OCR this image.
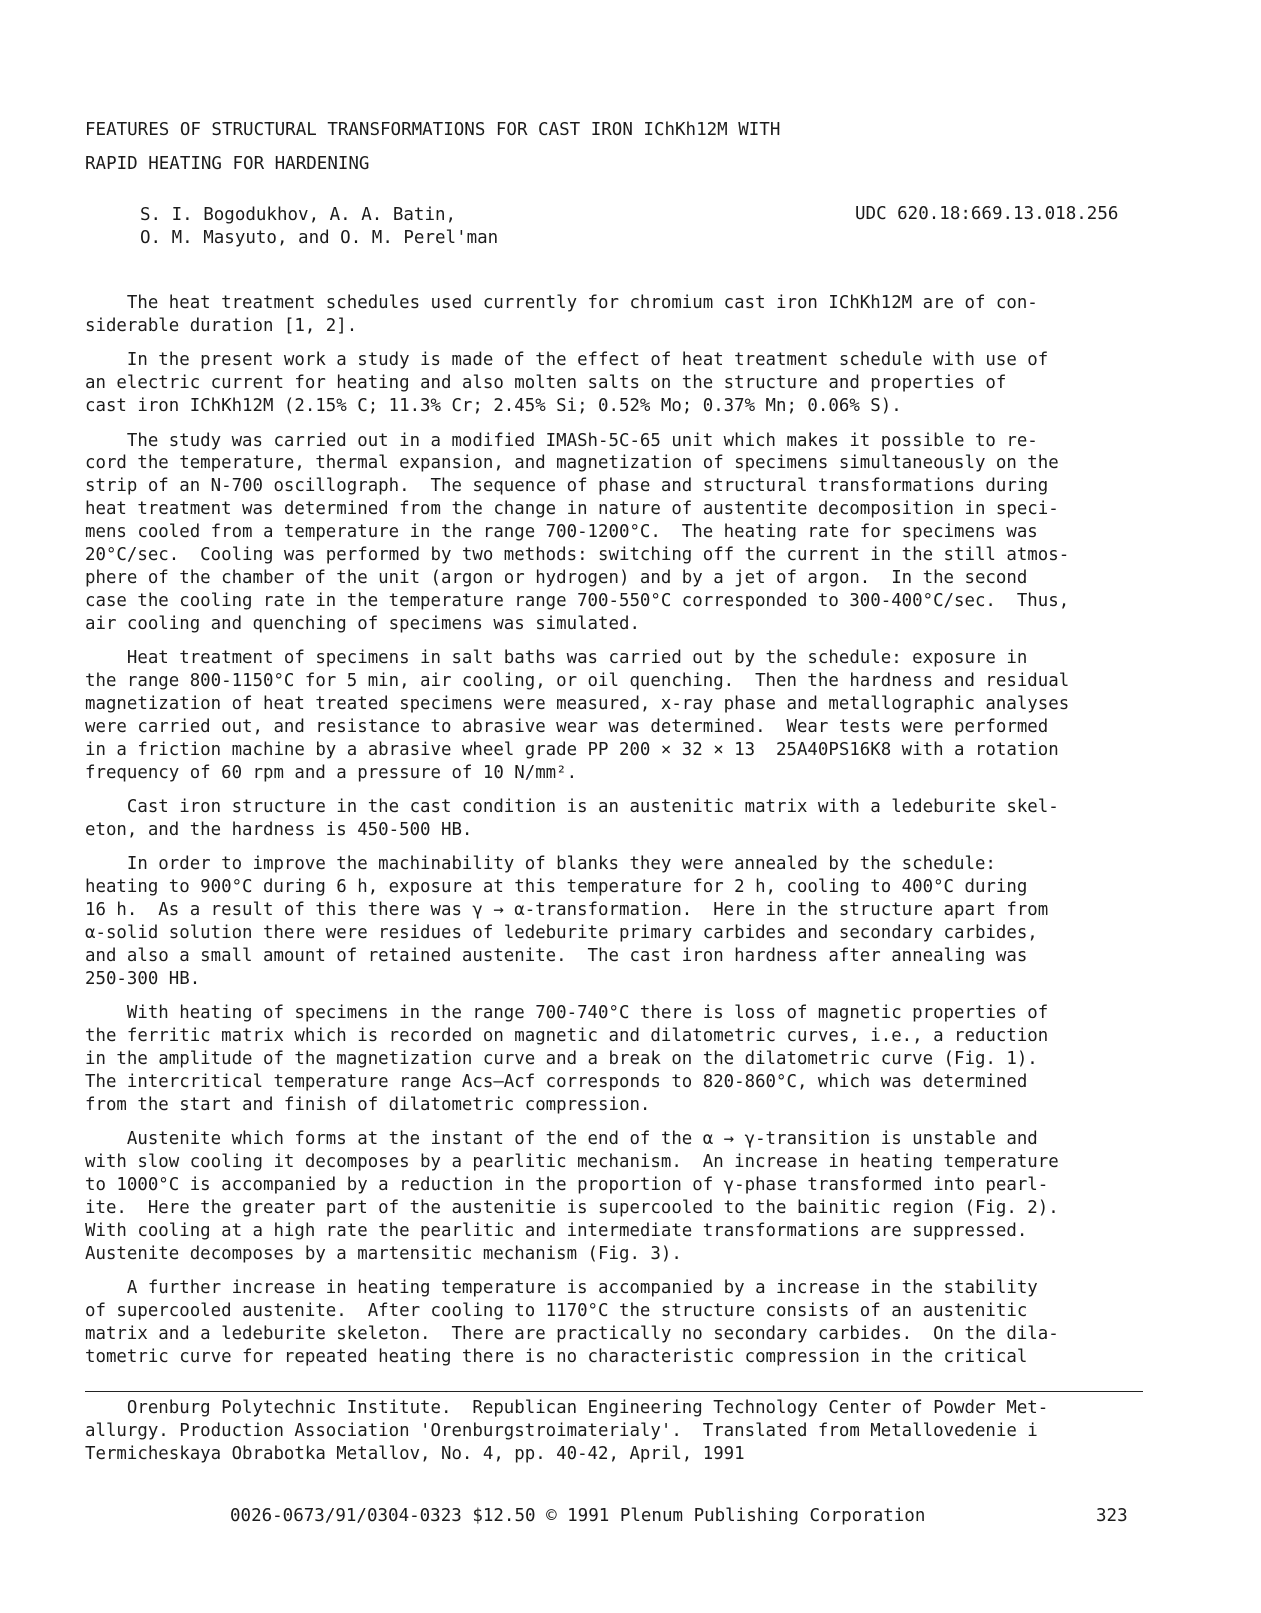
FEATURES OF STRUCTURAL TRANSFORMATIONS FOR CAST IRON IChKh12M WITH
RAPID HEATING FOR HARDENING
S. I. Bogodukhov, A. A. Batin,
O. M. Masyuto, and O. M. Perel'man
UDC 620.18:669.13.018.256
The heat treatment schedules used currently for chromium cast iron IChKh12M are of con-
siderable duration [1, 2].
In the present work a study is made of the effect of heat treatment schedule with use of
an electric current for heating and also molten salts on the structure and properties of
cast iron IChKh12M (2.15% C; 11.3% Cr; 2.45% Si; 0.52% Mo; 0.37% Mn; 0.06% S).
The study was carried out in a modified IMASh-5C-65 unit which makes it possible to re-
cord the temperature, thermal expansion, and magnetization of specimens simultaneously on the
strip of an N-700 oscillograph.  The sequence of phase and structural transformations during
heat treatment was determined from the change in nature of austentite decomposition in speci-
mens cooled from a temperature in the range 700-1200°C.  The heating rate for specimens was
20°C/sec.  Cooling was performed by two methods: switching off the current in the still atmos-
phere of the chamber of the unit (argon or hydrogen) and by a jet of argon.  In the second
case the cooling rate in the temperature range 700-550°C corresponded to 300-400°C/sec.  Thus,
air cooling and quenching of specimens was simulated.
Heat treatment of specimens in salt baths was carried out by the schedule: exposure in
the range 800-1150°C for 5 min, air cooling, or oil quenching.  Then the hardness and residual
magnetization of heat treated specimens were measured, x-ray phase and metallographic analyses
were carried out, and resistance to abrasive wear was determined.  Wear tests were performed
in a friction machine by a abrasive wheel grade PP 200 × 32 × 13  25A40PS16K8 with a rotation
frequency of 60 rpm and a pressure of 10 N/mm².
Cast iron structure in the cast condition is an austenitic matrix with a ledeburite skel-
eton, and the hardness is 450-500 HB.
In order to improve the machinability of blanks they were annealed by the schedule:
heating to 900°C during 6 h, exposure at this temperature for 2 h, cooling to 400°C during
16 h.  As a result of this there was γ → α-transformation.  Here in the structure apart from
α-solid solution there were residues of ledeburite primary carbides and secondary carbides,
and also a small amount of retained austenite.  The cast iron hardness after annealing was
250-300 HB.
With heating of specimens in the range 700-740°C there is loss of magnetic properties of
the ferritic matrix which is recorded on magnetic and dilatometric curves, i.e., a reduction
in the amplitude of the magnetization curve and a break on the dilatometric curve (Fig. 1).
The intercritical temperature range Acs—Acf corresponds to 820-860°C, which was determined
from the start and finish of dilatometric compression.
Austenite which forms at the instant of the end of the α → γ-transition is unstable and
with slow cooling it decomposes by a pearlitic mechanism.  An increase in heating temperature
to 1000°C is accompanied by a reduction in the proportion of γ-phase transformed into pearl-
ite.  Here the greater part of the austenitie is supercooled to the bainitic region (Fig. 2).
With cooling at a high rate the pearlitic and intermediate transformations are suppressed.
Austenite decomposes by a martensitic mechanism (Fig. 3).
A further increase in heating temperature is accompanied by a increase in the stability
of supercooled austenite.  After cooling to 1170°C the structure consists of an austenitic
matrix and a ledeburite skeleton.  There are practically no secondary carbides.  On the dila-
tometric curve for repeated heating there is no characteristic compression in the critical
Orenburg Polytechnic Institute.  Republican Engineering Technology Center of Powder Met-
allurgy. Production Association 'Orenburgstroimaterialy'.  Translated from Metallovedenie i
Termicheskaya Obrabotka Metallov, No. 4, pp. 40-42, April, 1991
0026-0673/91/0304-0323 $12.50 © 1991 Plenum Publishing Corporation	323
